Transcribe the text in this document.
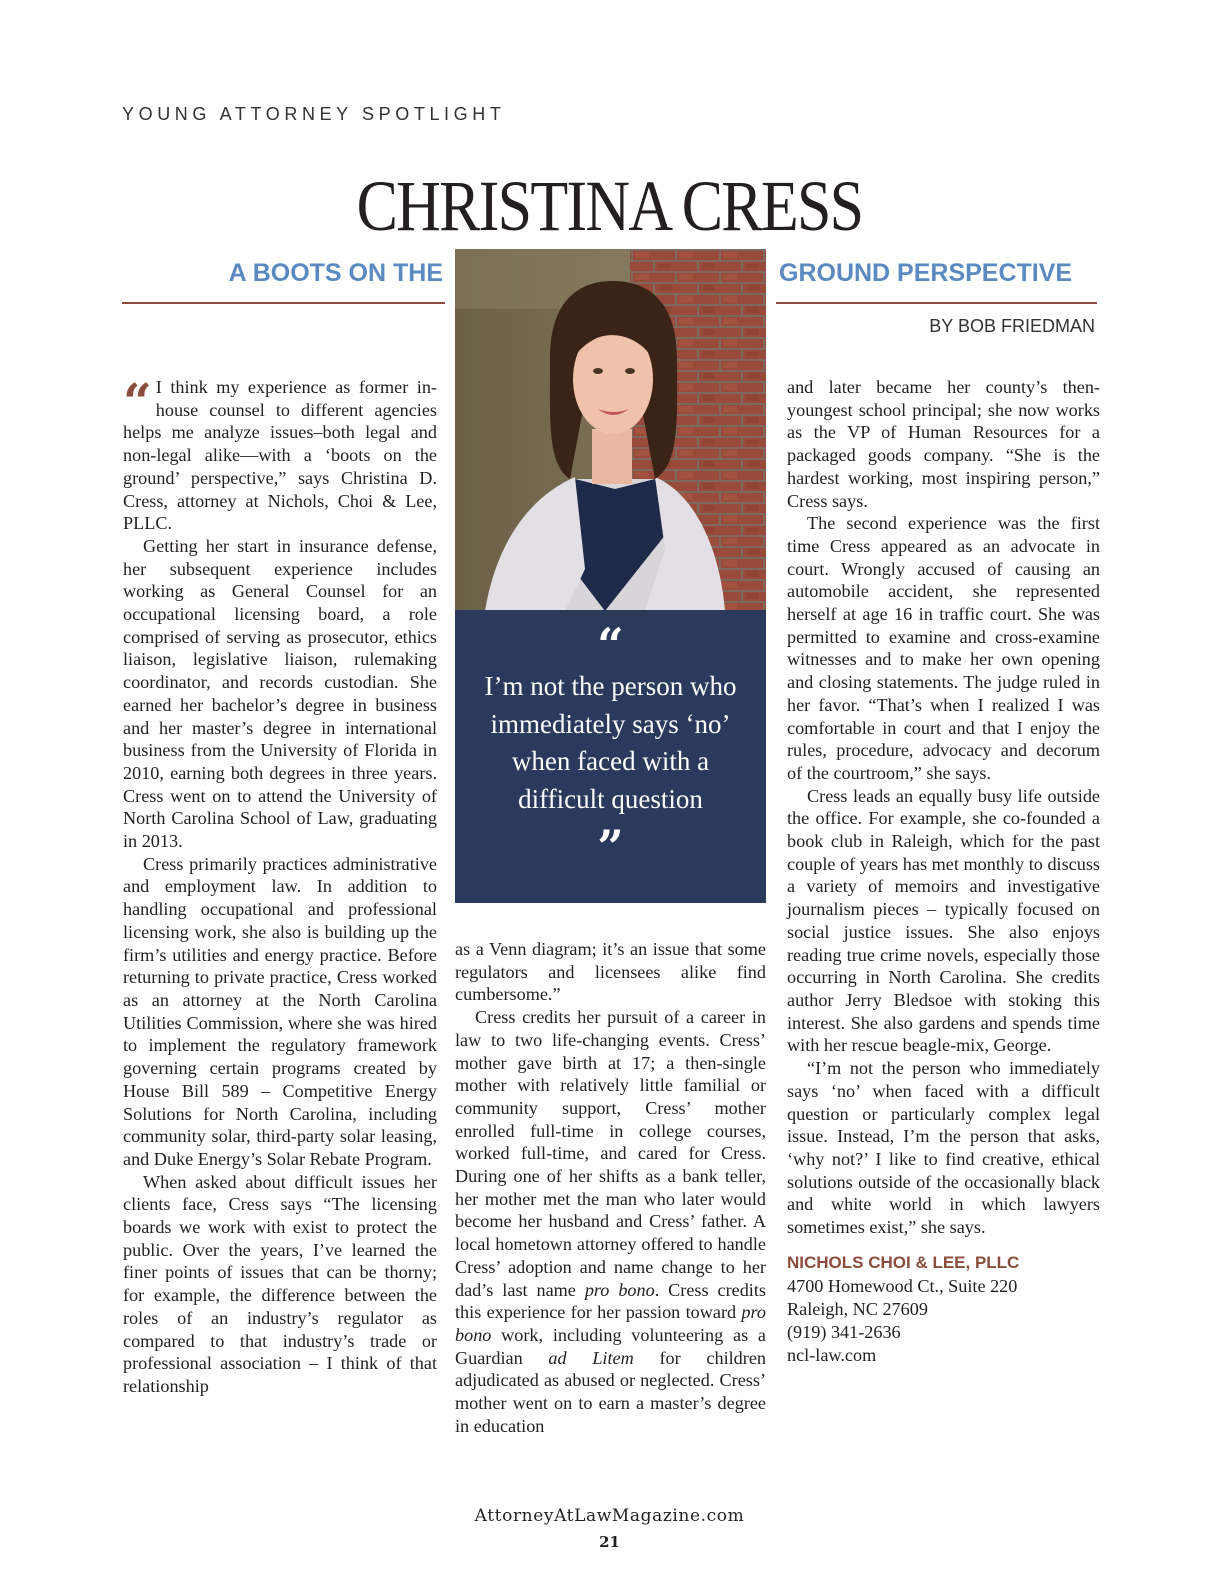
YOUNG ATTORNEY SPOTLIGHT
CHRISTINA CRESS
A BOOTS ON THE	GROUND PERSPECTIVE
BY BOB FRIEDMAN
“
I’m not the person who immediately says ‘no’ when faced with a difficult question
”

“ I think my experience as former in-house counsel to different agencies helps me analyze issues–both legal and non-legal alike—with a ‘boots on the ground’ perspective,” says Christina D. Cress, attorney at Nichols, Choi & Lee, PLLC.

Getting her start in insurance defense, her subsequent experience includes working as General Counsel for an occupational licensing board, a role comprised of serving as prosecutor, ethics liaison, legislative liaison, rulemaking coordinator, and records custodian. She earned her bachelor’s degree in business and her master’s degree in international business from the University of Florida in 2010, earning both degrees in three years. Cress went on to attend the University of North Carolina School of Law, graduating in 2013.

Cress primarily practices administrative and employment law. In addition to handling occupational and professional licensing work, she also is building up the firm’s utilities and energy practice. Before returning to private practice, Cress worked as an attorney at the North Carolina Utilities Commission, where she was hired to implement the regulatory framework governing certain programs created by House Bill 589 – Competitive Energy Solutions for North Carolina, including community solar, third-party solar leasing, and Duke Energy’s Solar Rebate Program.

When asked about difficult issues her clients face, Cress says “The licensing boards we work with exist to protect the public. Over the years, I’ve learned the finer points of issues that can be thorny; for example, the difference between the roles of an industry’s regulator as compared to that industry’s trade or professional association – I think of that relationship

as a Venn diagram; it’s an issue that some regulators and licensees alike find cumbersome.”

Cress credits her pursuit of a career in law to two life-changing events. Cress’ mother gave birth at 17; a then-single mother with relatively little familial or community support, Cress’ mother enrolled full-time in college courses, worked full-time, and cared for Cress. During one of her shifts as a bank teller, her mother met the man who later would become her husband and Cress’ father. A local hometown attorney offered to handle Cress’ adoption and name change to her dad’s last name pro bono. Cress credits this experience for her passion toward pro bono work, including volunteering as a Guardian ad Litem for children adjudicated as abused or neglected. Cress’ mother went on to earn a master’s degree in education

and later became her county’s then-youngest school principal; she now works as the VP of Human Resources for a packaged goods company. “She is the hardest working, most inspiring person,” Cress says.

The second experience was the first time Cress appeared as an advocate in court. Wrongly accused of causing an automobile accident, she represented herself at age 16 in traffic court. She was permitted to examine and cross-examine witnesses and to make her own opening and closing statements. The judge ruled in her favor. “That’s when I realized I was comfortable in court and that I enjoy the rules, procedure, advocacy and decorum of the courtroom,” she says.

Cress leads an equally busy life outside the office. For example, she co-founded a book club in Raleigh, which for the past couple of years has met monthly to discuss a variety of memoirs and investigative journalism pieces – typically focused on social justice issues. She also enjoys reading true crime novels, especially those occurring in North Carolina. She credits author Jerry Bledsoe with stoking this interest. She also gardens and spends time with her rescue beagle-mix, George.

“I’m not the person who immediately says ‘no’ when faced with a difficult question or particularly complex legal issue. Instead, I’m the person that asks, ‘why not?’ I like to find creative, ethical solutions outside of the occasionally black and white world in which lawyers sometimes exist,” she says.

NICHOLS CHOI & LEE, PLLC
4700 Homewood Ct., Suite 220
Raleigh, NC 27609
(919) 341-2636
ncl-law.com
AttorneyAtLawMagazine.com
21
